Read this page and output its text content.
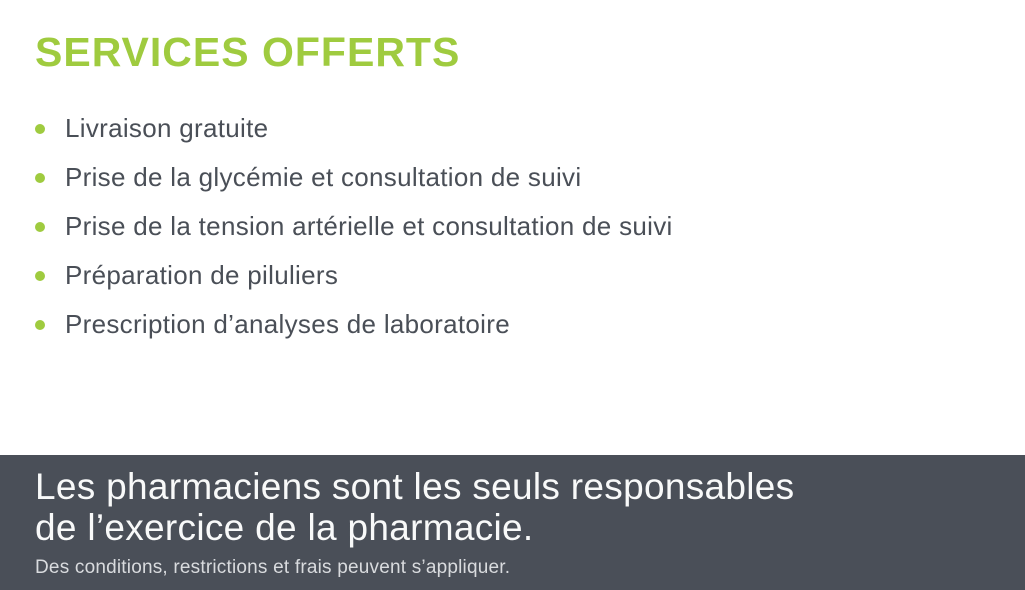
SERVICES OFFERTS
Livraison gratuite
Prise de la glycémie et consultation de suivi
Prise de la tension artérielle et consultation de suivi
Préparation de piluliers
Prescription d’analyses de laboratoire
Les pharmaciens sont les seuls responsables
de l’exercice de la pharmacie.
Des conditions, restrictions et frais peuvent s’appliquer.
